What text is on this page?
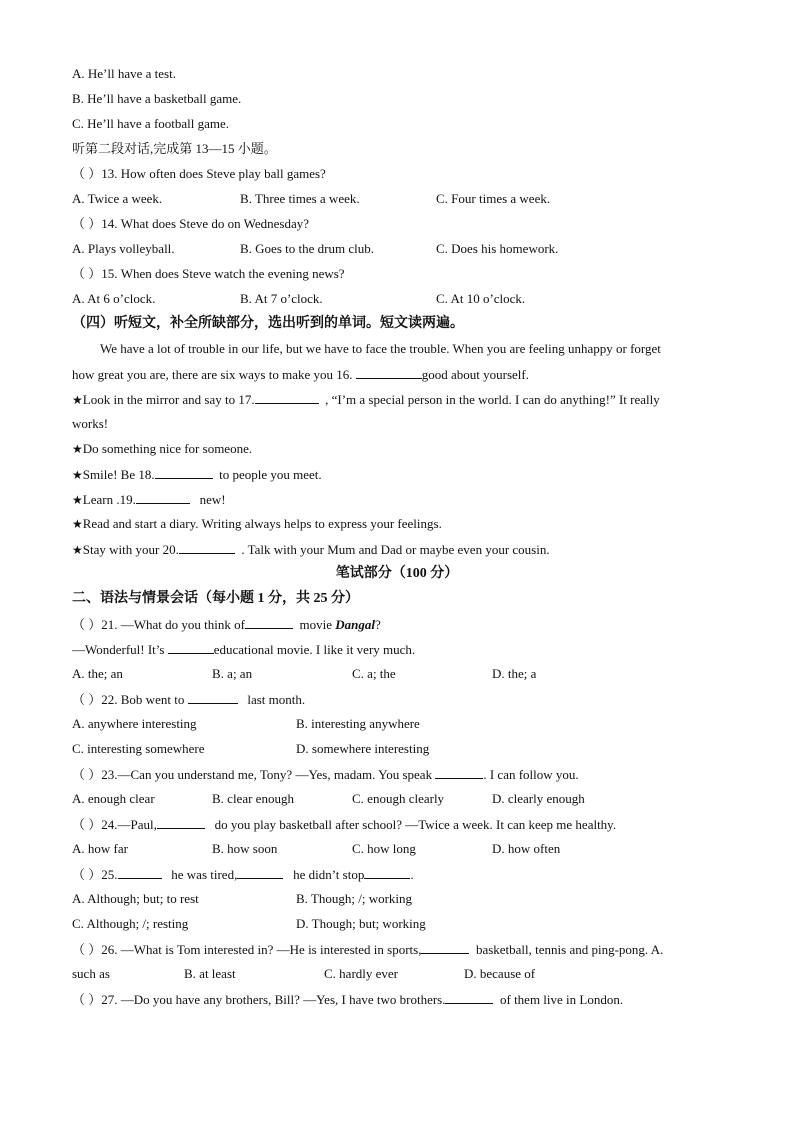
A. He’ll have a test.
B. He’ll have a basketball game.
C. He’ll have a football game.
听第二段对话,完成第 13—15 小题。
（ ）13. How often does Steve play ball games?
A. Twice a week.	B. Three times a week.	C. Four times a week.
（ ）14. What does Steve do on Wednesday?
A. Plays volleyball.	B. Goes to the drum club.	C. Does his homework.
（ ）15. When does Steve watch the evening news?
A. At 6 o’clock.	B. At 7 o’clock.	C. At 10 o’clock.
（四）听短文，补全所缺部分，选出听到的单词。短文读两遍。
We have a lot of trouble in our life, but we have to face the trouble. When you are feeling unhappy or forget
how great you are, there are six ways to make you 16.	good about yourself.
★Look in the mirror and say to 17.	, “I’m a special person in the world. I can do anything!” It really
works!
★Do something nice for someone.
★Smile! Be 18.	to people you meet.
★Learn .19.	new!
★Read and start a diary. Writing always helps to express your feelings.
★Stay with your 20.	. Talk with your Mum and Dad or maybe even your cousin.
笔试部分（100 分）
二、语法与情景会话（每小题 1 分，共 25 分）
（ ）21. —What do you think of	movie Dangal?
—Wonderful! It’s	educational movie. I like it very much.
A. the; an	B. a; an	C. a; the	D. the; a
（ ）22. Bob went to	last month.
A. anywhere interesting	B. interesting anywhere
C. interesting somewhere	D. somewhere interesting
（ ）23.—Can you understand me, Tony? —Yes, madam. You speak	. I can follow you.
A. enough clear	B. clear enough	C. enough clearly	D. clearly enough
（ ）24.—Paul,	do you play basketball after school? —Twice a week. It can keep me healthy.
A. how far	B. how soon	C. how long	D. how often
（ ）25.	he was tired,	he didn’t stop	.
A. Although; but; to rest	B. Though; /; working
C. Although; /; resting	D. Though; but; working
（ ）26. —What is Tom interested in? —He is interested in sports,	basketball, tennis and ping-pong. A.
such as	B. at least	C. hardly ever	D. because of
（ ）27. —Do you have any brothers, Bill? —Yes, I have two brothers.	of them live in London.
